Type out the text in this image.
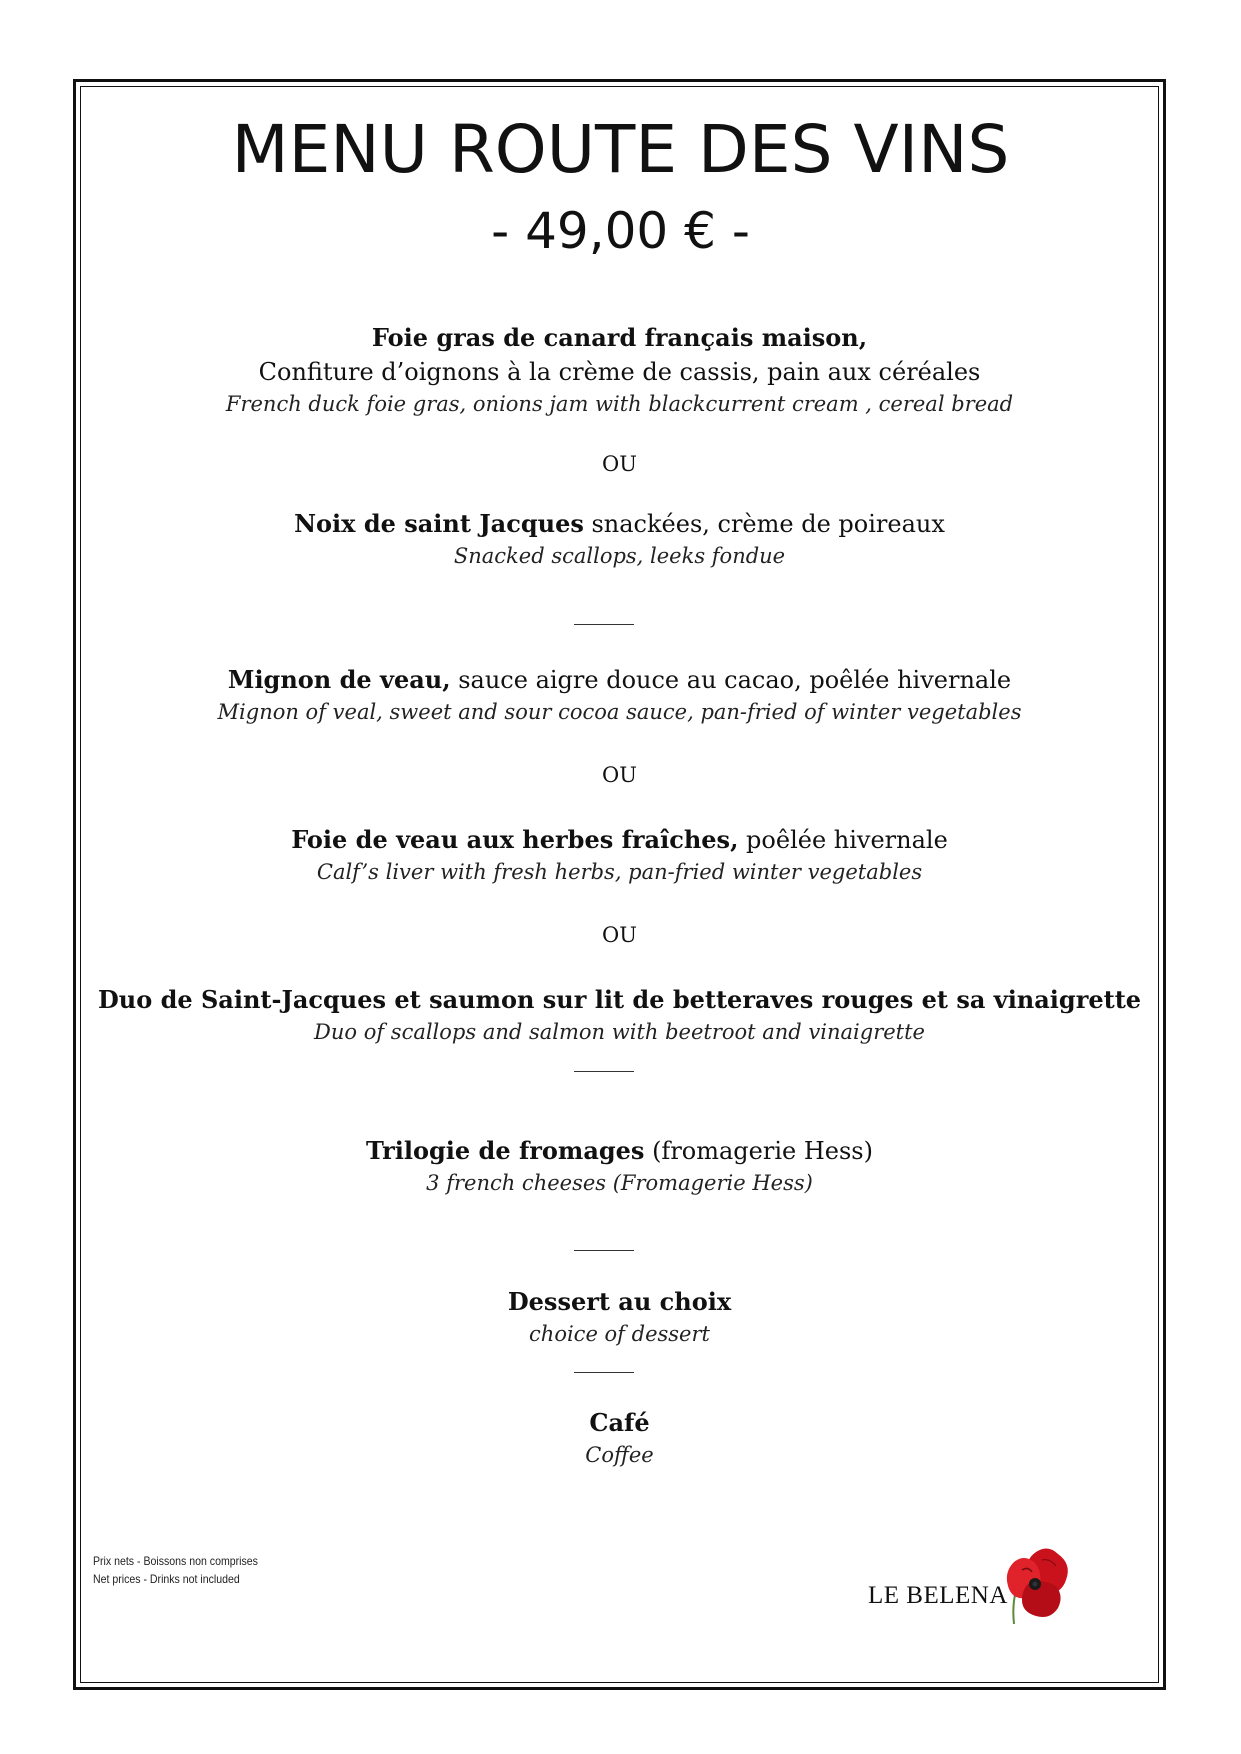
MENU ROUTE DES VINS
- 49,00 € -
Foie gras de canard français maison,
Confiture d’oignons à la crème de cassis, pain aux céréales
French duck foie gras, onions jam with blackcurrent cream , cereal bread
OU
Noix de saint Jacques snackées, crème de poireaux
Snacked scallops, leeks fondue
Mignon de veau, sauce aigre douce au cacao, poêlée hivernale
Mignon of veal, sweet and sour cocoa sauce, pan-fried of winter vegetables
OU
Foie de veau aux herbes fraîches, poêlée hivernale
Calf’s liver with fresh herbs, pan-fried winter vegetables
OU
Duo de Saint-Jacques et saumon sur lit de betteraves rouges et sa vinaigrette
Duo of scallops and salmon with beetroot and vinaigrette
Trilogie de fromages (fromagerie Hess)
3 french cheeses (Fromagerie Hess)
Dessert au choix
choice of dessert
Café
Coffee
Prix nets - Boissons non comprises
Net prices - Drinks not included
LE BELENA
